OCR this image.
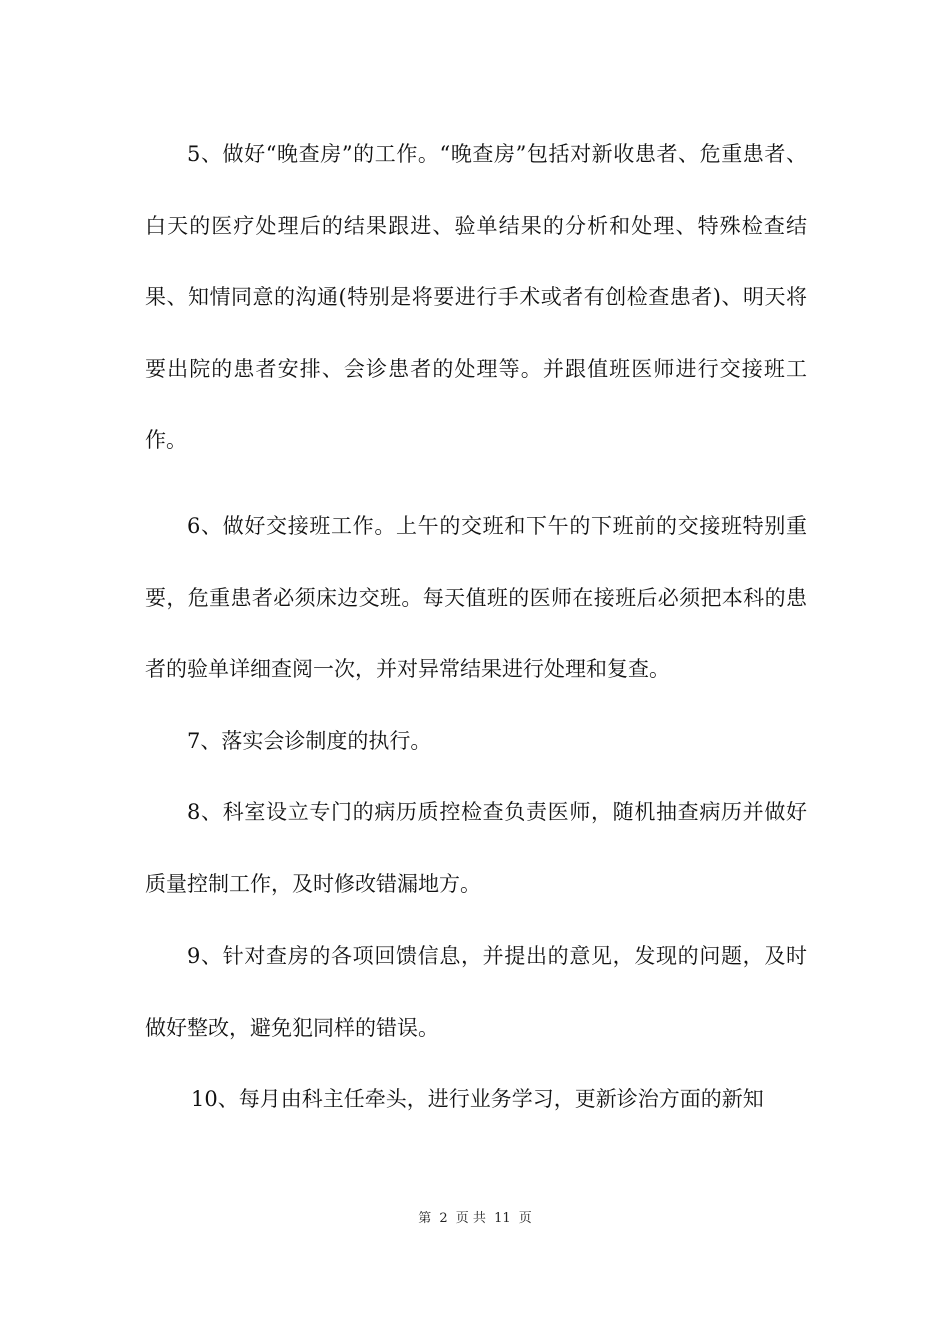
5、做好“晚查房”的工作。“晚查房”包括对新收患者、危重患者、白天的医疗处理后的结果跟进、验单结果的分析和处理、特殊检查结果、知情同意的沟通(特别是将要进行手术或者有创检查患者)、明天将要出院的患者安排、会诊患者的处理等。并跟值班医师进行交接班工作。

6、做好交接班工作。上午的交班和下午的下班前的交接班特别重要，危重患者必须床边交班。每天值班的医师在接班后必须把本科的患者的验单详细查阅一次，并对异常结果进行处理和复查。

7、落实会诊制度的执行。

8、科室设立专门的病历质控检查负责医师，随机抽查病历并做好质量控制工作，及时修改错漏地方。

9、针对查房的各项回馈信息，并提出的意见，发现的问题，及时做好整改，避免犯同样的错误。

10、每月由科主任牵头，进行业务学习，更新诊治方面的新知

第 2 页 共 11 页
